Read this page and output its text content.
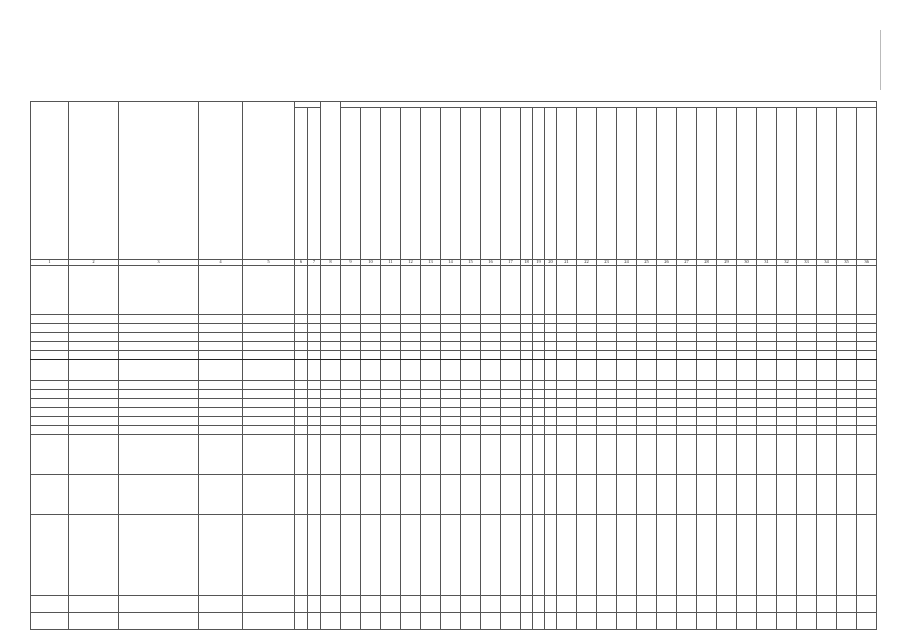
1	2	3	4	5	6	7	8	9	10	11	12	13	14	15	16	17	18	19	20	21	22	23	24	25	26	27	28	29	30	31	32	33	34	35	36
